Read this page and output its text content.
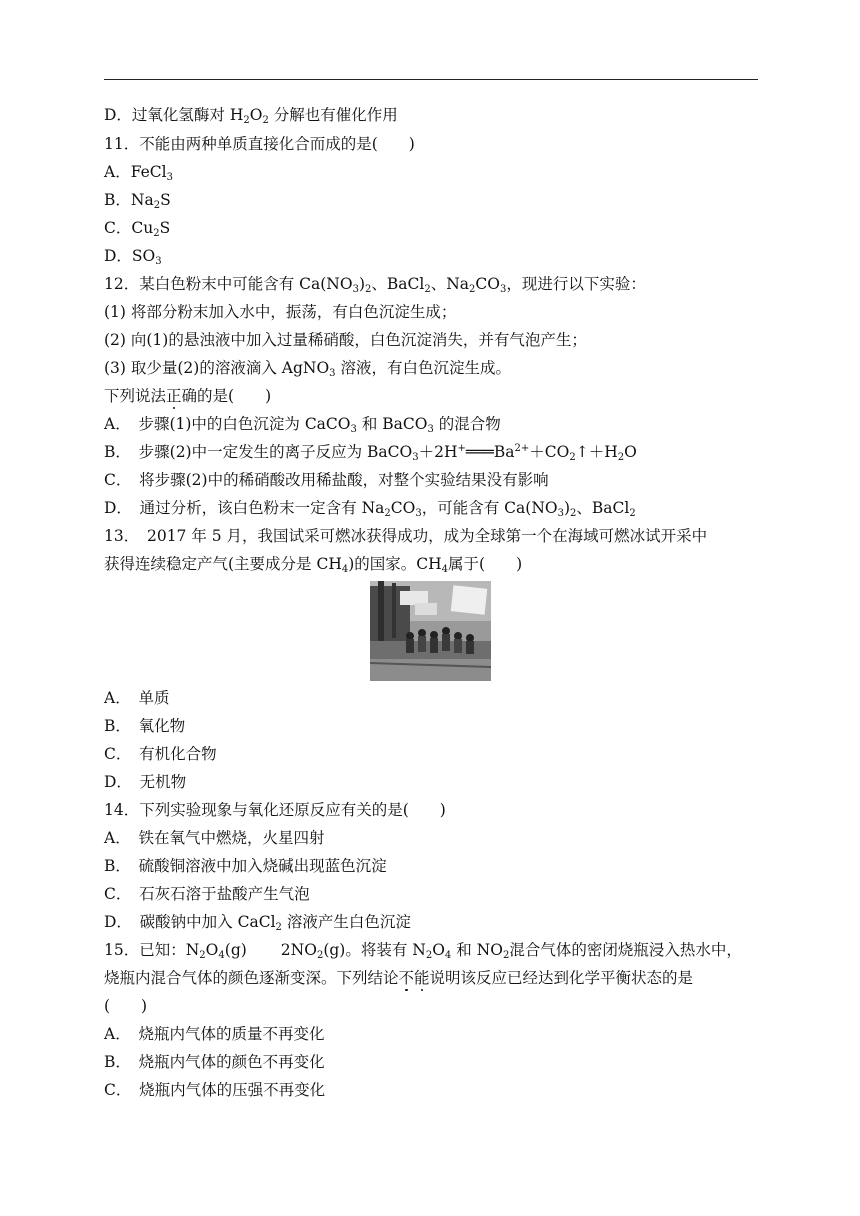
D．过氧化氢酶对 $H_2O_2$ 分解也有催化作用
11．不能由两种单质直接化合而成的是(　　)
A．FeCl$_3$
B．$Na_2S$
C．$Cu_2S$
D．$SO_3$
12．某白色粉末中可能含有 $Ca(NO_3)_2$、BaCl$_2$、$Na_2CO_3$，现进行以下实验：
(1) 将部分粉末加入水中，振荡，有白色沉淀生成；
(2) 向(1)的悬浊液中加入过量稀硝酸，白色沉淀消失，并有气泡产生；
(3) 取少量(2)的溶液滴入 AgNO$_3$ 溶液，有白色沉淀生成。
下列说法正确的是(　　)
A．　步骤(1)中的白色沉淀为 CaCO$_3$ 和 BaCO$_3$ 的混合物
B．　步骤(2)中一定发生的离子反应为 $BaCO_3+2H^+═══Ba^{2+}+CO_2↑+H_2O$
C．　将步骤(2)中的稀硝酸改用稀盐酸，对整个实验结果没有影响
D．　通过分析，该白色粉末一定含有 $Na_2CO_3$，可能含有 $Ca(NO_3)_2$、BaCl$_2$
13．　2017 年 5 月，我国试采可燃冰获得成功，成为全球第一个在海域可燃冰试开采中
获得连续稳定产气(主要成分是 $CH_4$)的国家。$CH_4$属于(　　)
A．　单质
B．　氧化物
C．　有机化合物
D．　无机物
14．下列实验现象与氧化还原反应有关的是(　　)
A．　铁在氧气中燃烧，火星四射
B．　硫酸铜溶液中加入烧碱出现蓝色沉淀
C．　石灰石溶于盐酸产生气泡
D．　碳酸钠中加入 CaCl$_2$ 溶液产生白色沉淀
15．已知：$N_2O_4(g)$ $2NO_2(g)$。将装有 $N_2O_4$ 和 $NO_2$混合气体的密闭烧瓶浸入热水中，
烧瓶内混合气体的颜色逐渐变深。下列结论不能说明该反应已经达到化学平衡状态的是
(　　)
A．　烧瓶内气体的质量不再变化
B．　烧瓶内气体的颜色不再变化
C．　烧瓶内气体的压强不再变化
